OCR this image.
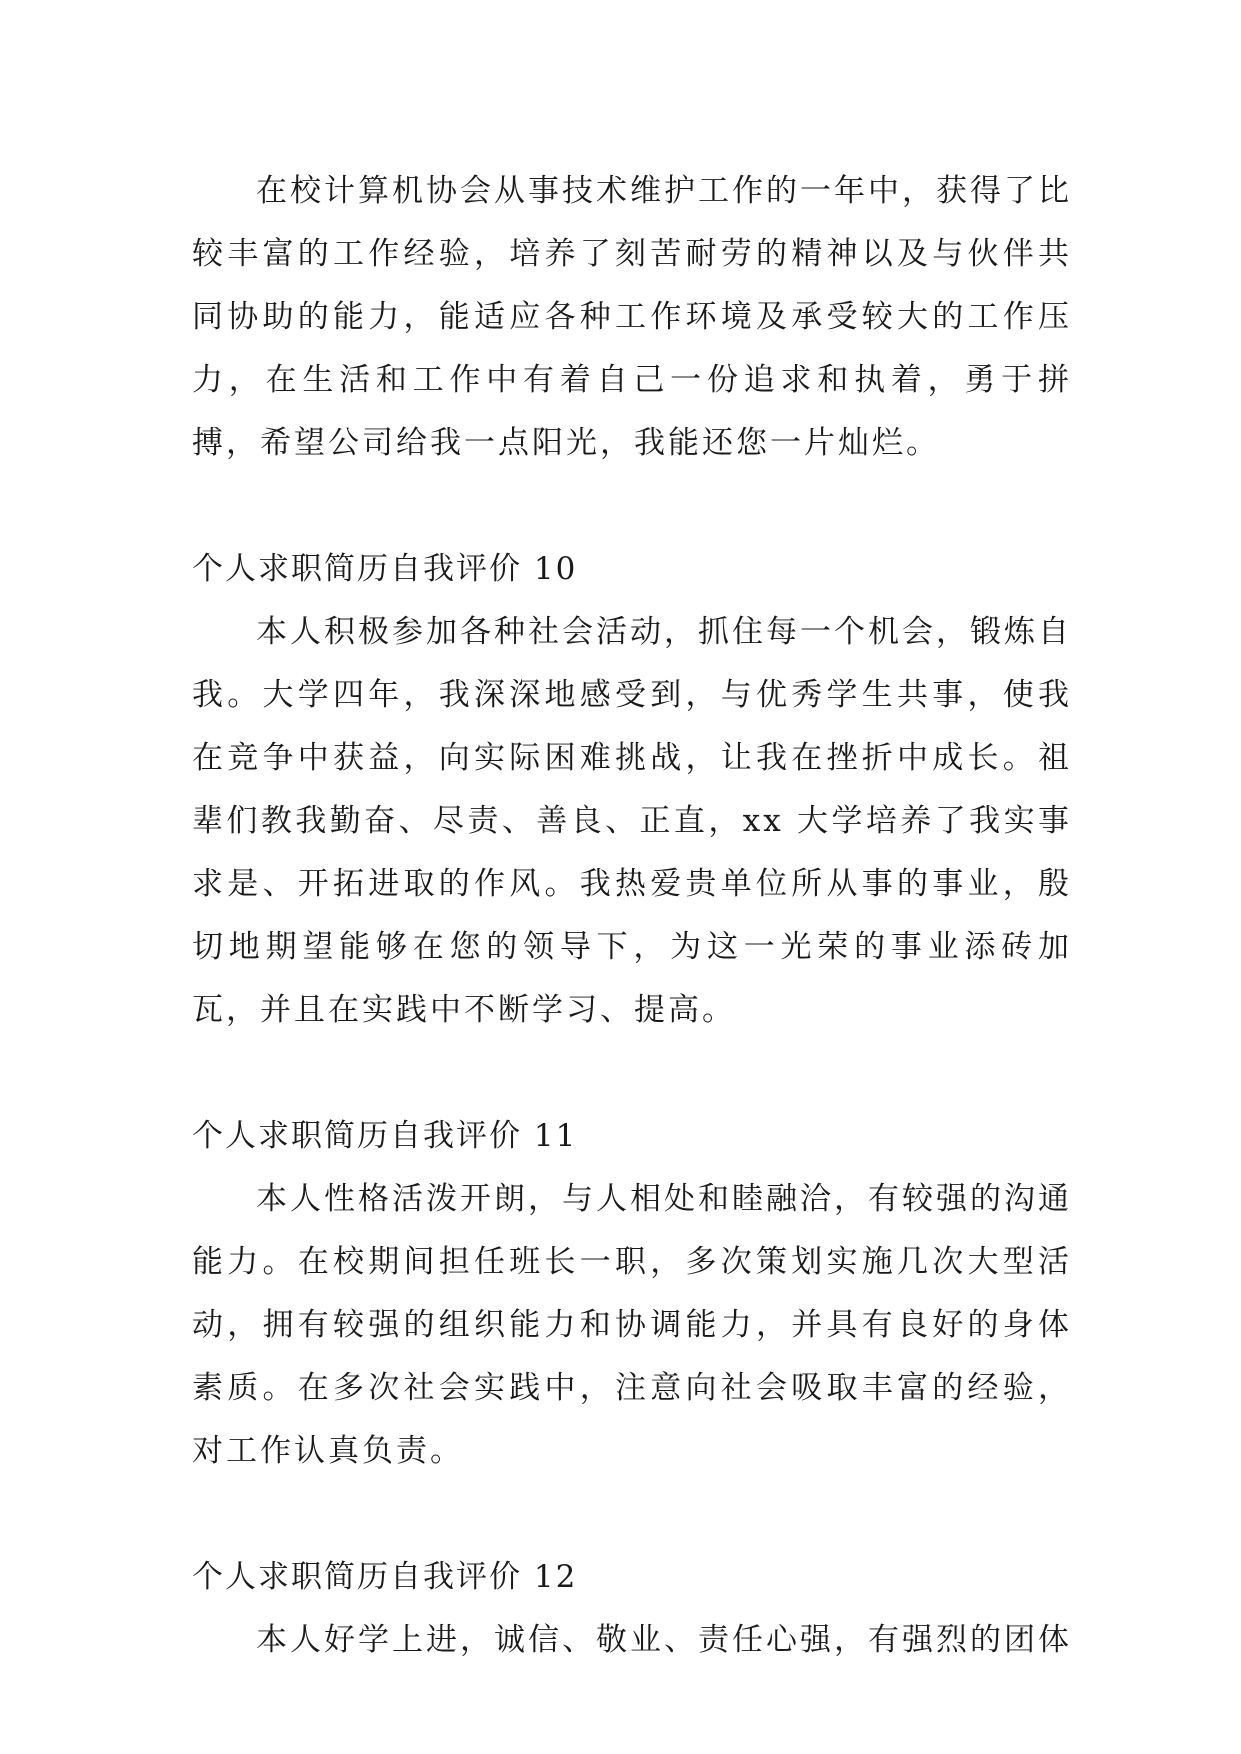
在校计算机协会从事技术维护工作的一年中，获得了比较丰富的工作经验，培养了刻苦耐劳的精神以及与伙伴共同协助的能力，能适应各种工作环境及承受较大的工作压力，在生活和工作中有着自己一份追求和执着，勇于拼搏，希望公司给我一点阳光，我能还您一片灿烂。

个人求职简历自我评价 10

本人积极参加各种社会活动，抓住每一个机会，锻炼自我。大学四年，我深深地感受到，与优秀学生共事，使我在竞争中获益，向实际困难挑战，让我在挫折中成长。祖辈们教我勤奋、尽责、善良、正直，xx 大学培养了我实事求是、开拓进取的作风。我热爱贵单位所从事的事业，殷切地期望能够在您的领导下，为这一光荣的事业添砖加瓦，并且在实践中不断学习、提高。

个人求职简历自我评价 11

本人性格活泼开朗，与人相处和睦融洽，有较强的沟通能力。在校期间担任班长一职，多次策划实施几次大型活动，拥有较强的组织能力和协调能力，并具有良好的身体素质。在多次社会实践中，注意向社会吸取丰富的经验，对工作认真负责。

个人求职简历自我评价 12

本人好学上进，诚信、敬业、责任心强，有强烈的团体
